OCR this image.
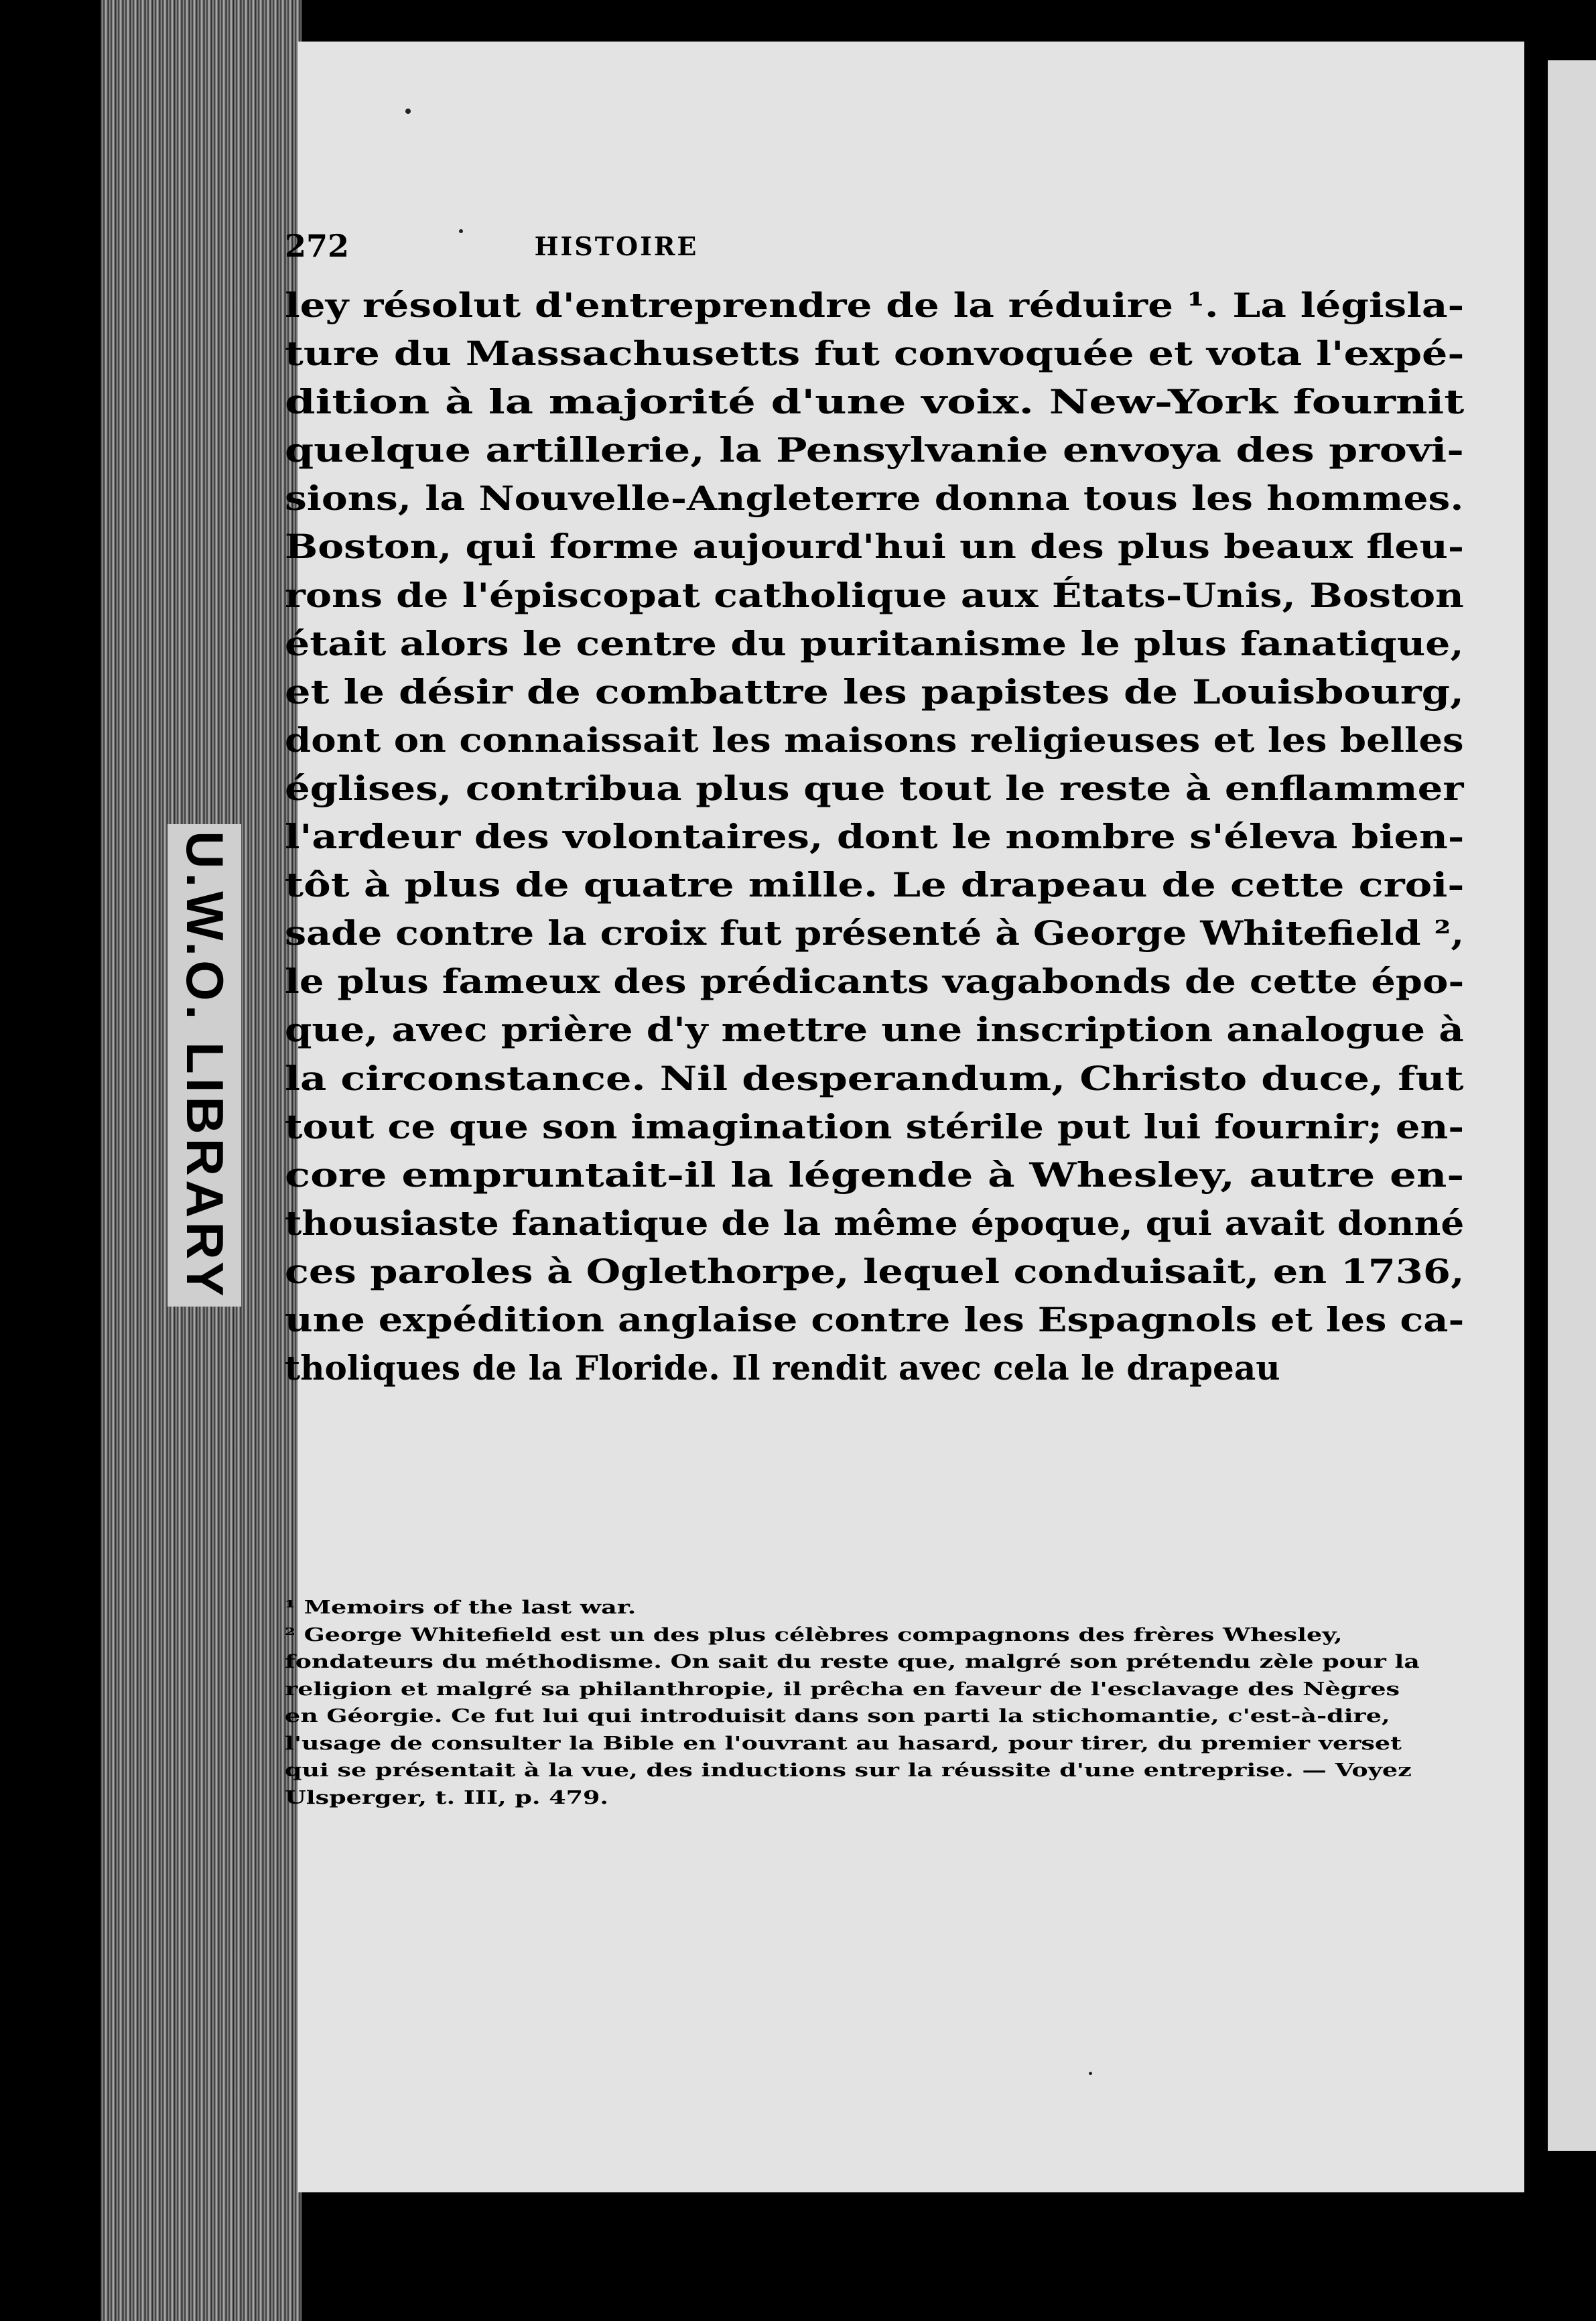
U.W.O. LIBRARY
272	HISTOIRE
ley résolut d'entreprendre de la réduire ¹. La législa-
ture du Massachusetts fut convoquée et vota l'expé-
dition à la majorité d'une voix. New-York fournit
quelque artillerie, la Pensylvanie envoya des provi-
sions, la Nouvelle-Angleterre donna tous les hommes.
Boston, qui forme aujourd'hui un des plus beaux fleu-
rons de l'épiscopat catholique aux États-Unis, Boston
était alors le centre du puritanisme le plus fanatique,
et le désir de combattre les papistes de Louisbourg,
dont on connaissait les maisons religieuses et les belles
églises, contribua plus que tout le reste à enflammer
l'ardeur des volontaires, dont le nombre s'éleva bien-
tôt à plus de quatre mille. Le drapeau de cette croi-
sade contre la croix fut présenté à George Whitefield ²,
le plus fameux des prédicants vagabonds de cette épo-
que, avec prière d'y mettre une inscription analogue à
la circonstance. Nil desperandum, Christo duce, fut
tout ce que son imagination stérile put lui fournir; en-
core empruntait-il la légende à Whesley, autre en-
thousiaste fanatique de la même époque, qui avait donné
ces paroles à Oglethorpe, lequel conduisait, en 1736,
une expédition anglaise contre les Espagnols et les ca-
tholiques de la Floride. Il rendit avec cela le drapeau
¹ Memoirs of the last war.
² George Whitefield est un des plus célèbres compagnons des frères Whesley,
fondateurs du méthodisme. On sait du reste que, malgré son prétendu zèle pour la
religion et malgré sa philanthropie, il prêcha en faveur de l'esclavage des Nègres
en Géorgie. Ce fut lui qui introduisit dans son parti la stichomantie, c'est-à-dire,
l'usage de consulter la Bible en l'ouvrant au hasard, pour tirer, du premier verset
qui se présentait à la vue, des inductions sur la réussite d'une entreprise. — Voyez
Ulsperger, t. III, p. 479.
